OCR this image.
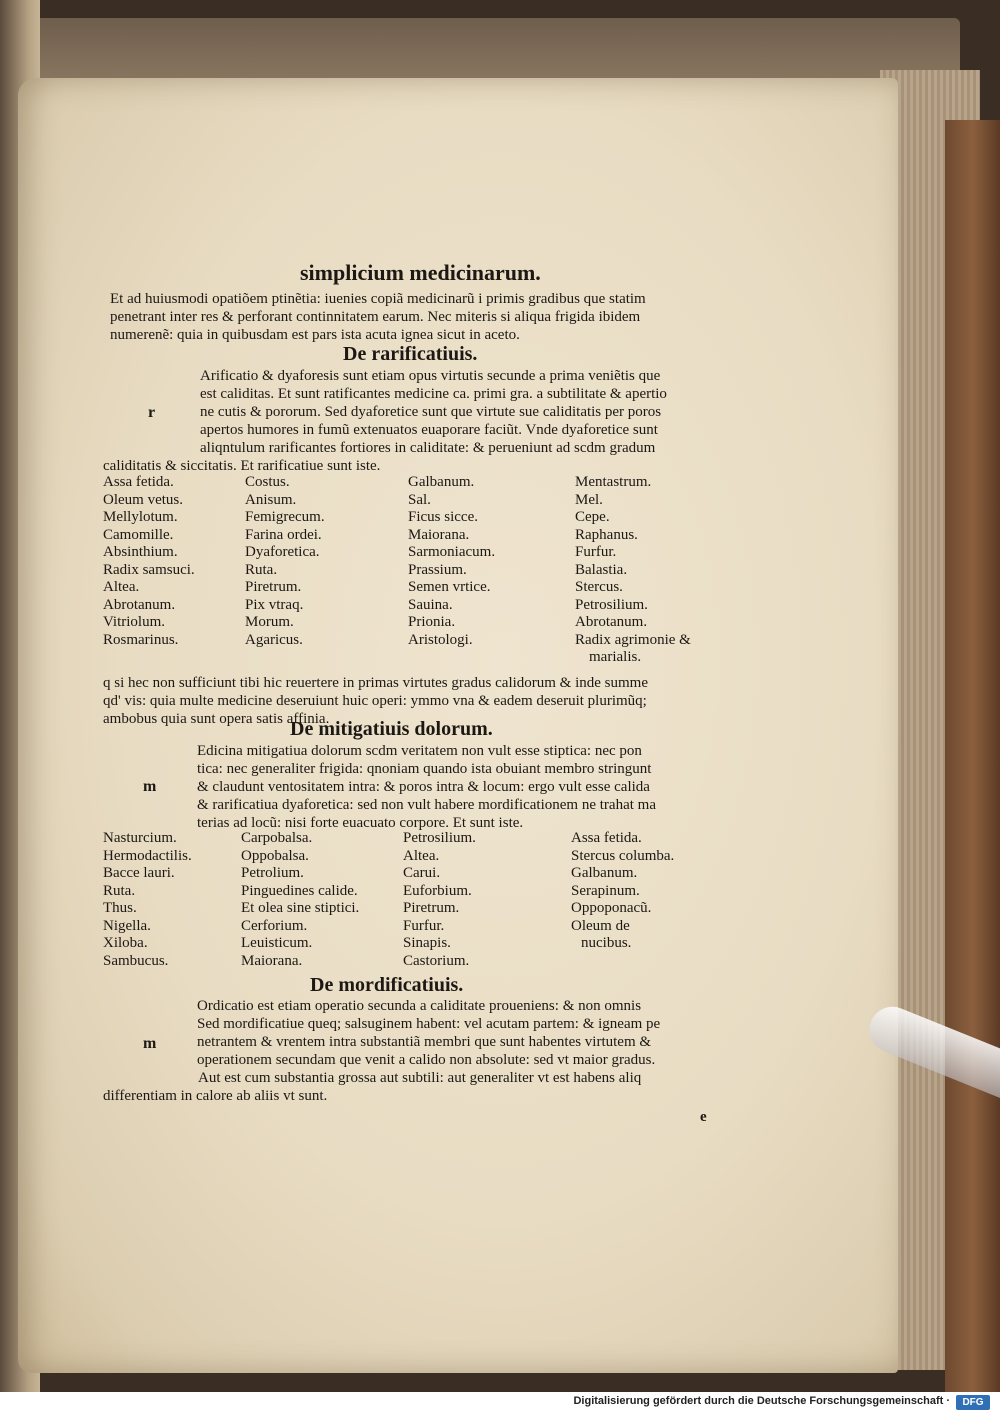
simplicium medicinarum.
Et ad huiusmodi opatiõem ptinẽtia: iuenies copiã medicinarũ i primis gradibus que statim
penetrant inter res & perforant continnitatem earum. Nec miteris si aliqua frigida ibidem
numerenẽ: quia in quibusdam est pars ista acuta ignea sicut in aceto.
De rarificatiuis.
r
Arificatio & dyaforesis sunt etiam opus virtutis secunde a prima veniẽtis que
est caliditas. Et sunt ratificantes medicine ca. primi gra. a subtilitate & apertio
ne cutis & pororum. Sed dyaforetice sunt que virtute sue caliditatis per poros
apertos humores in fumũ extenuatos euaporare faciũt. Vnde dyaforetice sunt
aliqntulum rarificantes fortiores in caliditate: & perueniunt ad scdm gradum
caliditatis & siccitatis. Et rarificatiue sunt iste.
Assa fetida.
Oleum vetus.
Mellylotum.
Camomille.
Absinthium.
Radix samsuci.
Altea.
Abrotanum.
Vitriolum.
Rosmarinus.
Costus.
Anisum.
Femigrecum.
Farina ordei.
Dyaforetica.
Ruta.
Piretrum.
Pix vtraq.
Morum.
Agaricus.
Galbanum.
Sal.
Ficus sicce.
Maiorana.
Sarmoniacum.
Prassium.
Semen vrtice.
Sauina.
Prionia.
Aristologi.
Mentastrum.
Mel.
Cepe.
Raphanus.
Furfur.
Balastia.
Stercus.
Petrosilium.
Abrotanum.
Radix agrimonie &
marialis.
q si hec non sufficiunt tibi hic reuertere in primas virtutes gradus calidorum & inde summe
qd' vis: quia multe medicine deseruiunt huic operi: ymmo vna & eadem deseruit plurimũq;
ambobus quia sunt opera satis affinia.
De mitigatiuis dolorum.
m
Edicina mitigatiua dolorum scdm veritatem non vult esse stiptica: nec pon
tica: nec generaliter frigida: qnoniam quando ista obuiant membro stringunt
& claudunt ventositatem intra: & poros intra & locum: ergo vult esse calida
& rarificatiua dyaforetica: sed non vult habere mordificationem ne trahat ma
terias ad locũ: nisi forte euacuato corpore. Et sunt iste.
Nasturcium.
Hermodactilis.
Bacce lauri.
Ruta.
Thus.
Nigella.
Xiloba.
Sambucus.
Carpobalsa.
Oppobalsa.
Petrolium.
Pinguedines calide.
Et olea sine stiptici.
Cerforium.
Leuisticum.
Maiorana.
Petrosilium.
Altea.
Carui.
Euforbium.
Piretrum.
Furfur.
Sinapis.
Castorium.
Assa fetida.
Stercus columba.
Galbanum.
Serapinum.
Oppoponacũ.
Oleum de
nucibus.
De mordificatiuis.
m
Ordicatio est etiam operatio secunda a caliditate proueniens: & non omnis
Sed mordificatiue queq; salsuginem habent: vel acutam partem: & igneam pe
netrantem & vrentem intra substantiã membri que sunt habentes virtutem &
operationem secundam que venit a calido non absolute: sed vt maior gradus.
Aut est cum substantia grossa aut subtili: aut generaliter vt est habens aliq
differentiam in calore ab aliis vt sunt.
e
Digitalisierung gefördert durch die Deutsche Forschungsgemeinschaft ·	DFG
